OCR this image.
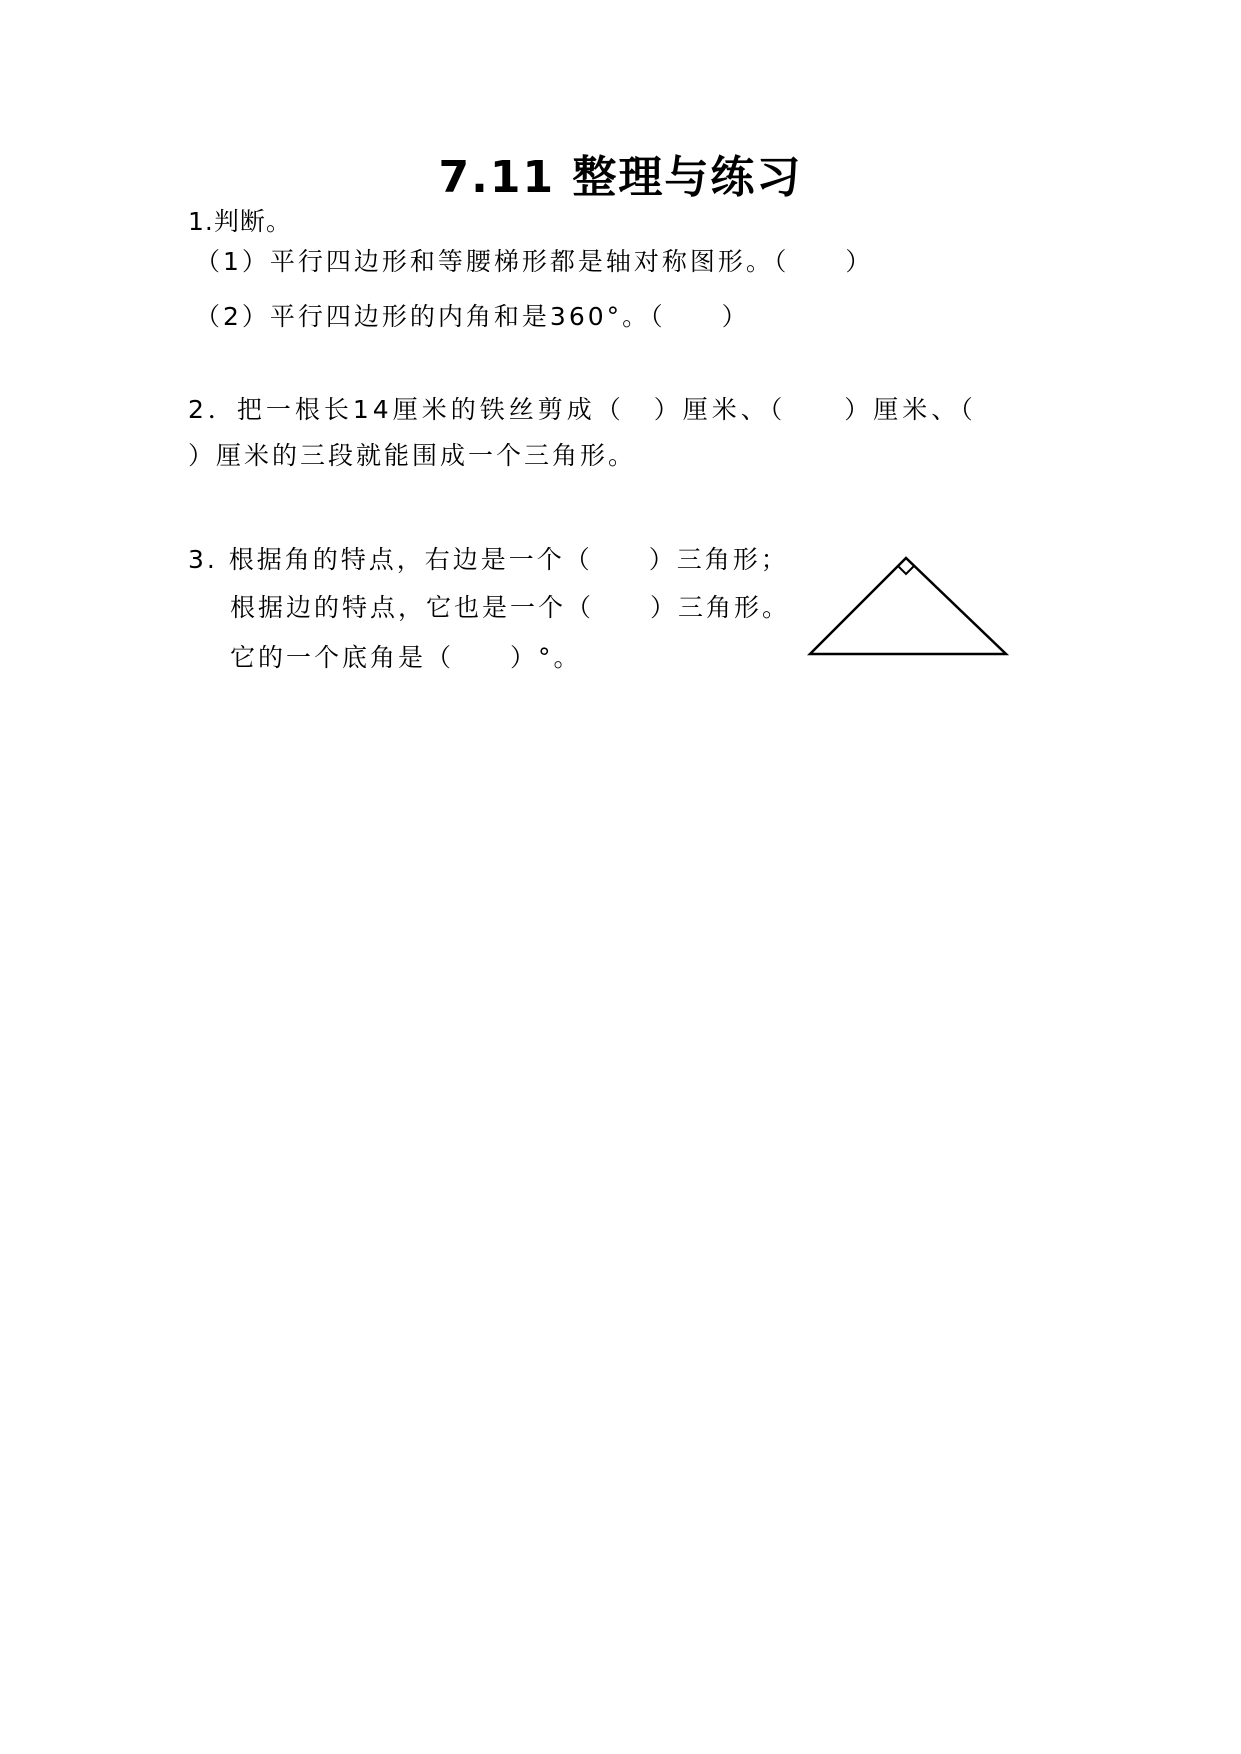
7.11 整理与练习
1.判断。
（1）平行四边形和等腰梯形都是轴对称图形。（　　）
（2）平行四边形的内角和是360°。（　　）
2．把一根长14厘米的铁丝剪成（　）厘米、（　　）厘米、（
）厘米的三段就能围成一个三角形。
3. 根据角的特点，右边是一个（　　）三角形；
根据边的特点，它也是一个（　　）三角形。
它的一个底角是（　　）°。
